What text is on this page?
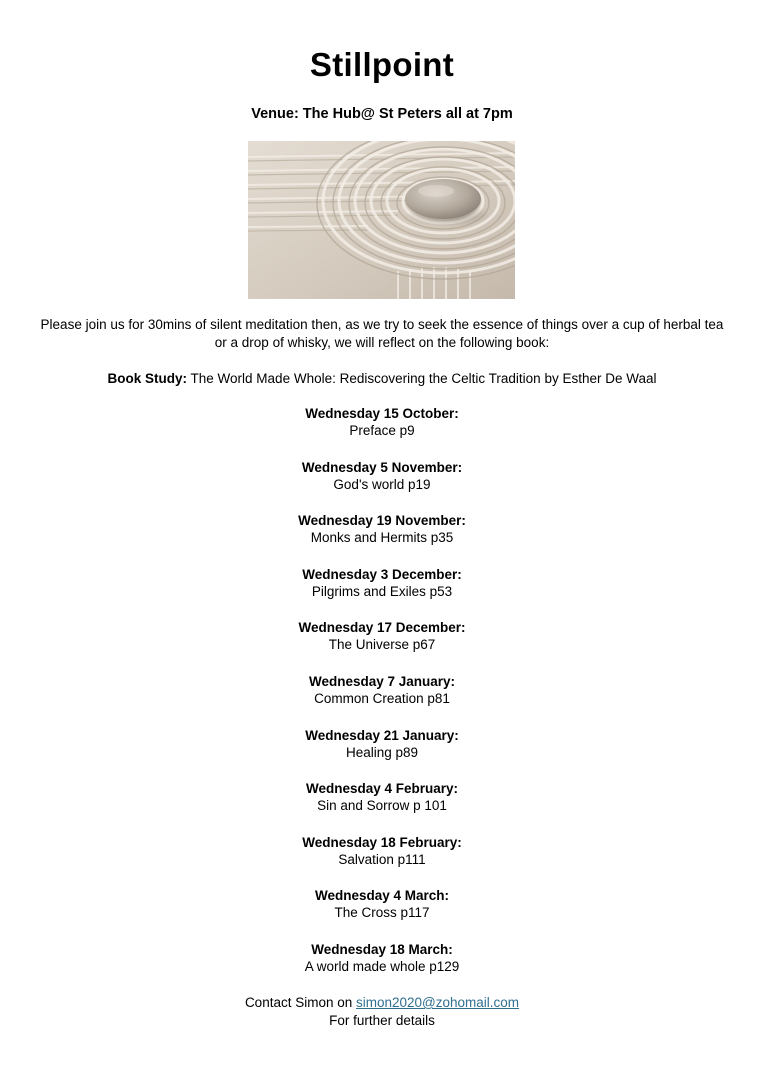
Stillpoint
Venue: The Hub@ St Peters all at 7pm
Please join us for 30mins of silent meditation then, as we try to seek the essence of things over a cup of herbal tea or a drop of whisky, we will reflect on the following book:
Book Study: The World Made Whole: Rediscovering the Celtic Tradition by Esther De Waal
Wednesday 15 October:
Preface p9
Wednesday 5 November:
God's world p19
Wednesday 19 November:
Monks and Hermits p35
Wednesday 3 December:
Pilgrims and Exiles p53
Wednesday 17 December:
The Universe p67
Wednesday 7 January:
Common Creation p81
Wednesday 21 January:
Healing p89
Wednesday 4 February:
Sin and Sorrow p 101
Wednesday 18 February:
Salvation p111
Wednesday 4 March:
The Cross p117
Wednesday 18 March:
A world made whole p129
Contact Simon on simon2020@zohomail.com
For further details
